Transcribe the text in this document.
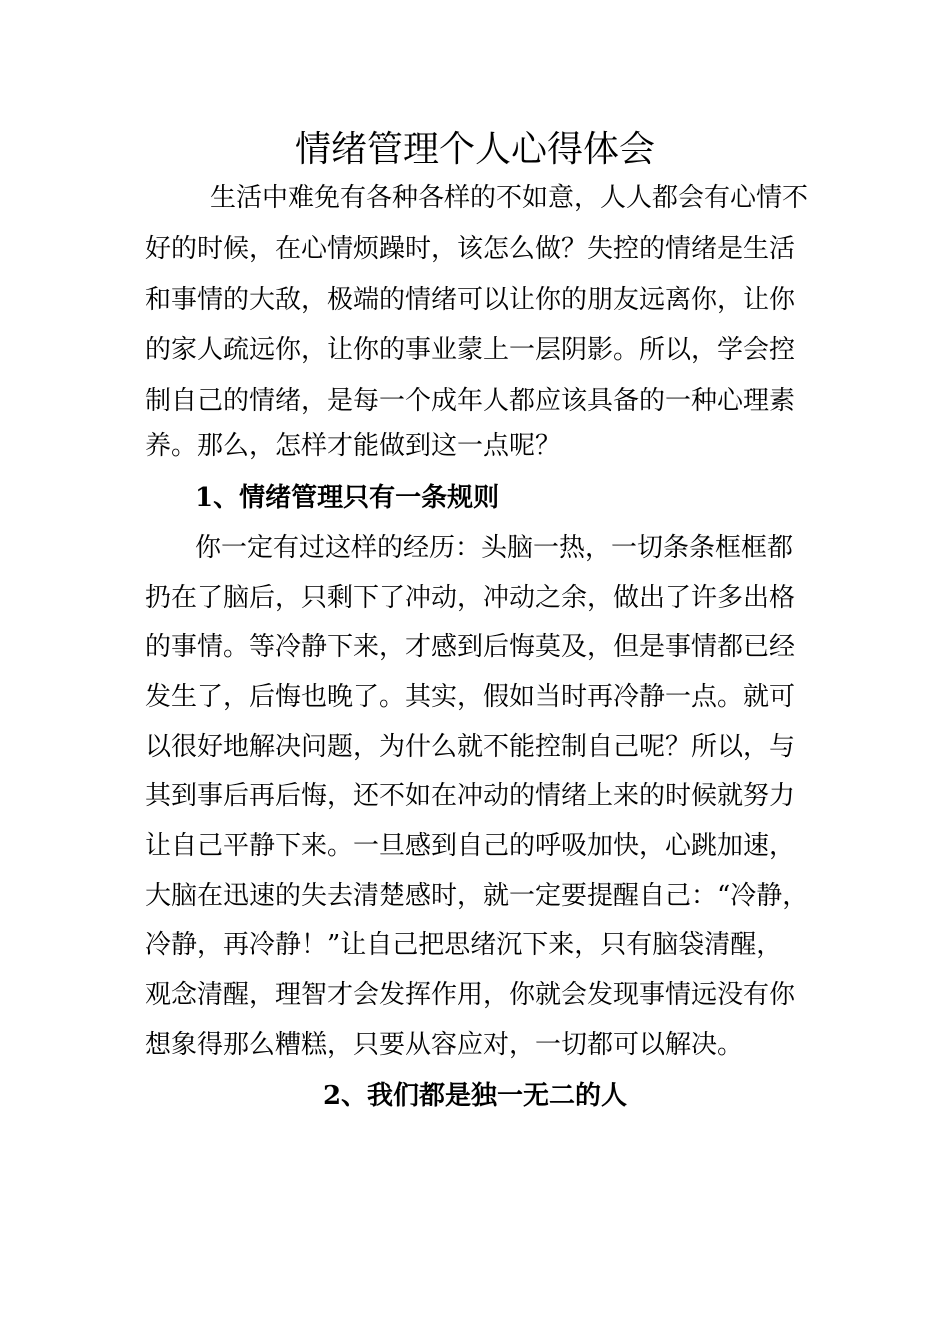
情绪管理个人心得体会
生活中难免有各种各样的不如意，人人都会有心情不
好的时候，在心情烦躁时，该怎么做？失控的情绪是生活
和事情的大敌，极端的情绪可以让你的朋友远离你，让你
的家人疏远你，让你的事业蒙上一层阴影。所以，学会控
制自己的情绪，是每一个成年人都应该具备的一种心理素
养。那么，怎样才能做到这一点呢？
1、情绪管理只有一条规则
你一定有过这样的经历：头脑一热，一切条条框框都
扔在了脑后，只剩下了冲动，冲动之余，做出了许多出格
的事情。等冷静下来，才感到后悔莫及，但是事情都已经
发生了，后悔也晚了。其实，假如当时再冷静一点。就可
以很好地解决问题，为什么就不能控制自己呢？所以，与
其到事后再后悔，还不如在冲动的情绪上来的时候就努力
让自己平静下来。一旦感到自己的呼吸加快，心跳加速，
大脑在迅速的失去清楚感时，就一定要提醒自己：“冷静，
冷静，再冷静！”让自己把思绪沉下来，只有脑袋清醒，
观念清醒，理智才会发挥作用，你就会发现事情远没有你
想象得那么糟糕，只要从容应对，一切都可以解决。
2、我们都是独一无二的人
